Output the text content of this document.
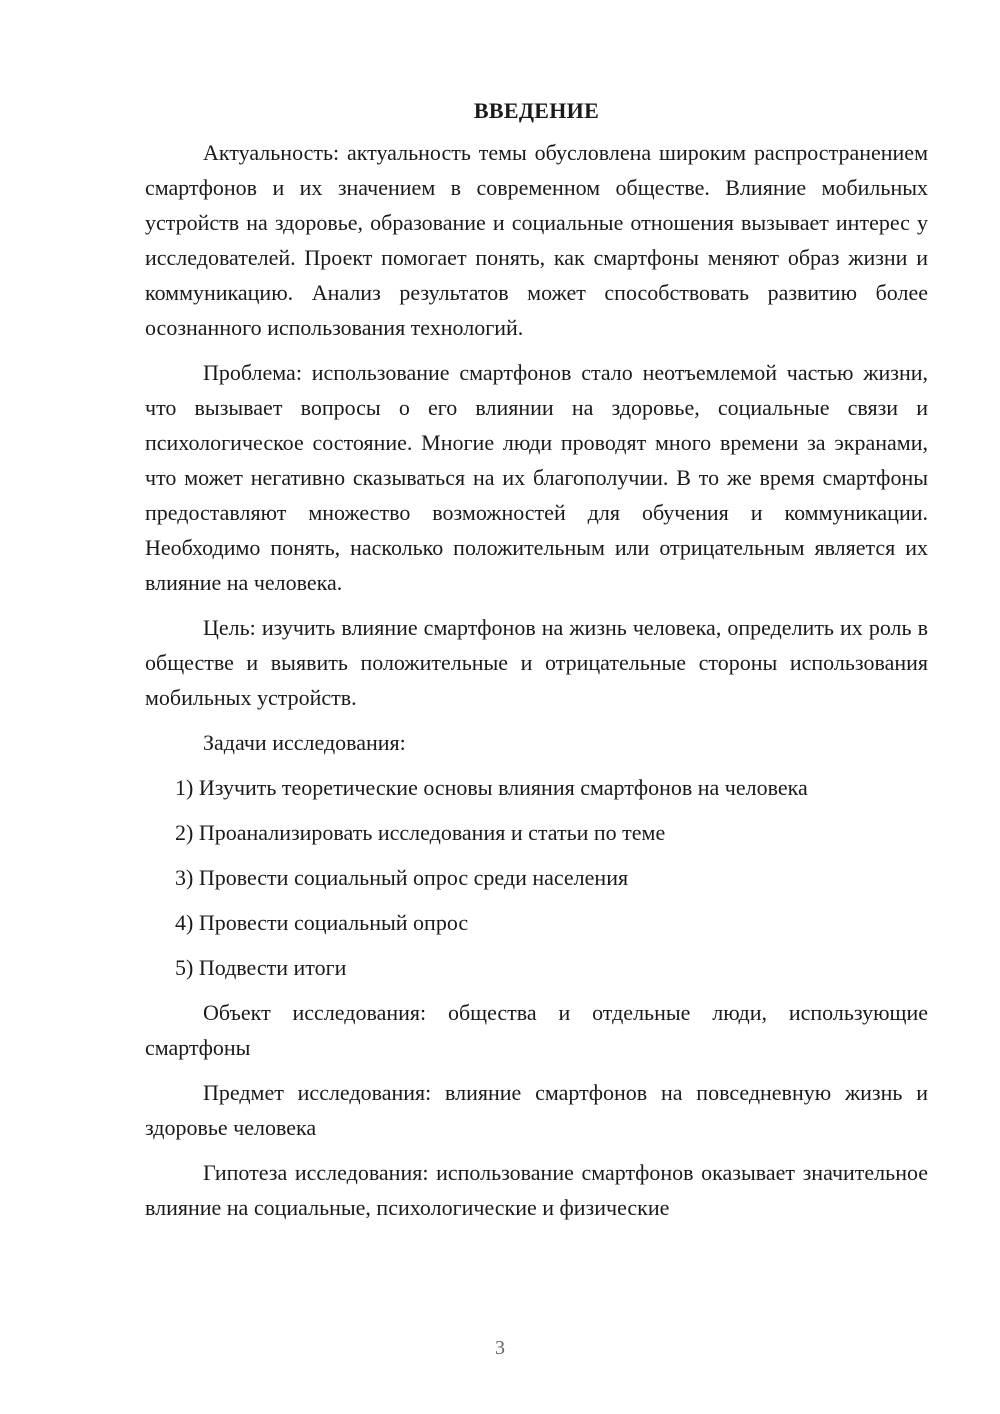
ВВЕДЕНИЕ

Актуальность: актуальность темы обусловлена широким распространением смартфонов и их значением в современном обществе. Влияние мобильных устройств на здоровье, образование и социальные отношения вызывает интерес у исследователей. Проект помогает понять, как смартфоны меняют образ жизни и коммуникацию. Анализ результатов может способствовать развитию более осознанного использования технологий.

Проблема: использование смартфонов стало неотъемлемой частью жизни, что вызывает вопросы о его влиянии на здоровье, социальные связи и психологическое состояние. Многие люди проводят много времени за экранами, что может негативно сказываться на их благополучии. В то же время смартфоны предоставляют множество возможностей для обучения и коммуникации. Необходимо понять, насколько положительным или отрицательным является их влияние на человека.

Цель: изучить влияние смартфонов на жизнь человека, определить их роль в обществе и выявить положительные и отрицательные стороны использования мобильных устройств.

Задачи исследования:

1) Изучить теоретические основы влияния смартфонов на человека
2) Проанализировать исследования и статьи по теме
3) Провести социальный опрос среди населения
4) Провести социальный опрос
5) Подвести итоги

Объект исследования: общества и отдельные люди, использующие смартфоны

Предмет исследования: влияние смартфонов на повседневную жизнь и здоровье человека

Гипотеза исследования: использование смартфонов оказывает значительное влияние на социальные, психологические и физические

3
